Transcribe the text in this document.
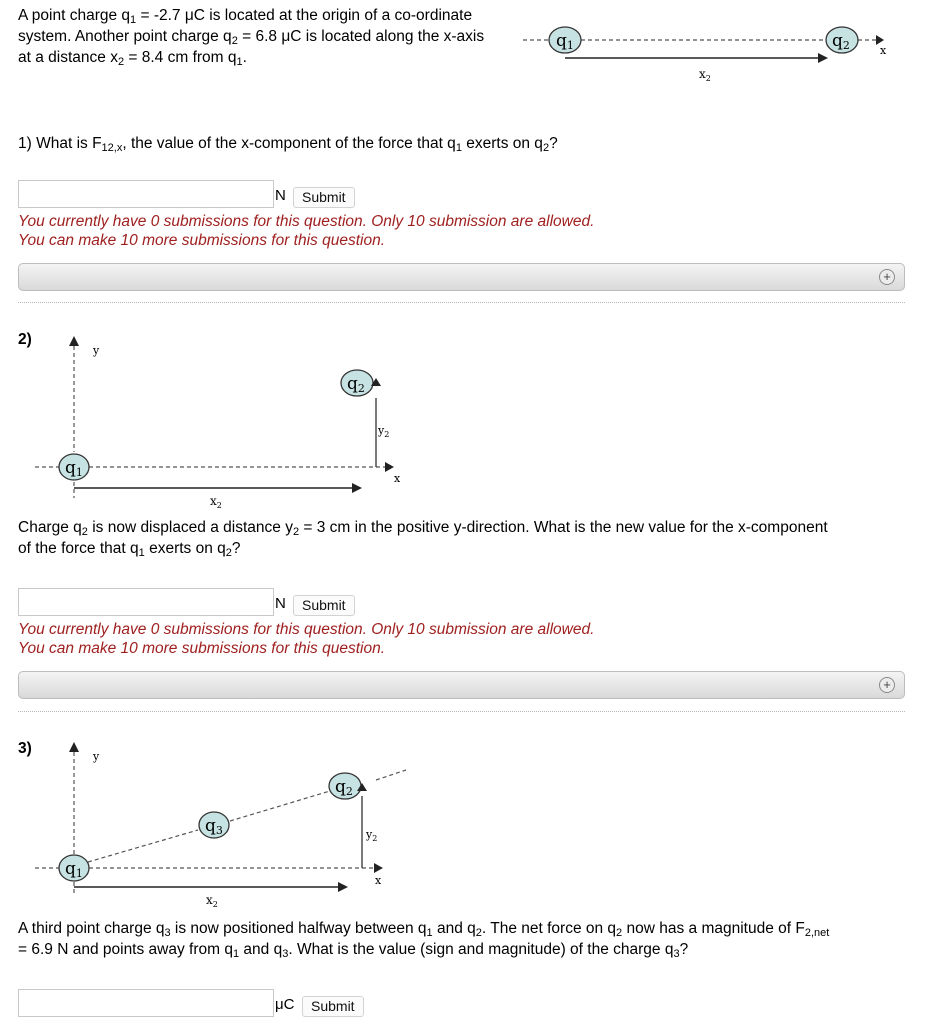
A point charge $q_1 = -2.7$ μC is located at the origin of a co-ordinate
system. Another point charge $q_2 = 6.8$ μC is located along the x-axis
at a distance $x_2 = 8.4$ cm from $q_1$.
q1	q2	x
$x_2$
1) What is $F_{12,x}$, the value of the x-component of the force that $q_1$ exerts on $q_2$?
N	Submit
You currently have 0 submissions for this question. Only 10 submission are allowed.
You can make 10 more submissions for this question.
+
2)
y
x
$y_2$
q1
q2
$x_2$
Charge $q_2$ is now displaced a distance $y_2 = 3$ cm in the positive y-direction. What is the new value for the x-component
of the force that $q_1$ exerts on $q_2$?
N	Submit
You currently have 0 submissions for this question. Only 10 submission are allowed.
You can make 10 more submissions for this question.
+
3)	y
x
$y_2$
q1
q3
q2
$x_2$
A third point charge $q_3$ is now positioned halfway between $q_1$ and $q_2$. The net force on $q_2$ now has a magnitude of $F_{2,net}$
= 6.9 N and points away from $q_1$ and $q_3$. What is the value (sign and magnitude) of the charge $q_3$?
μC	Submit
